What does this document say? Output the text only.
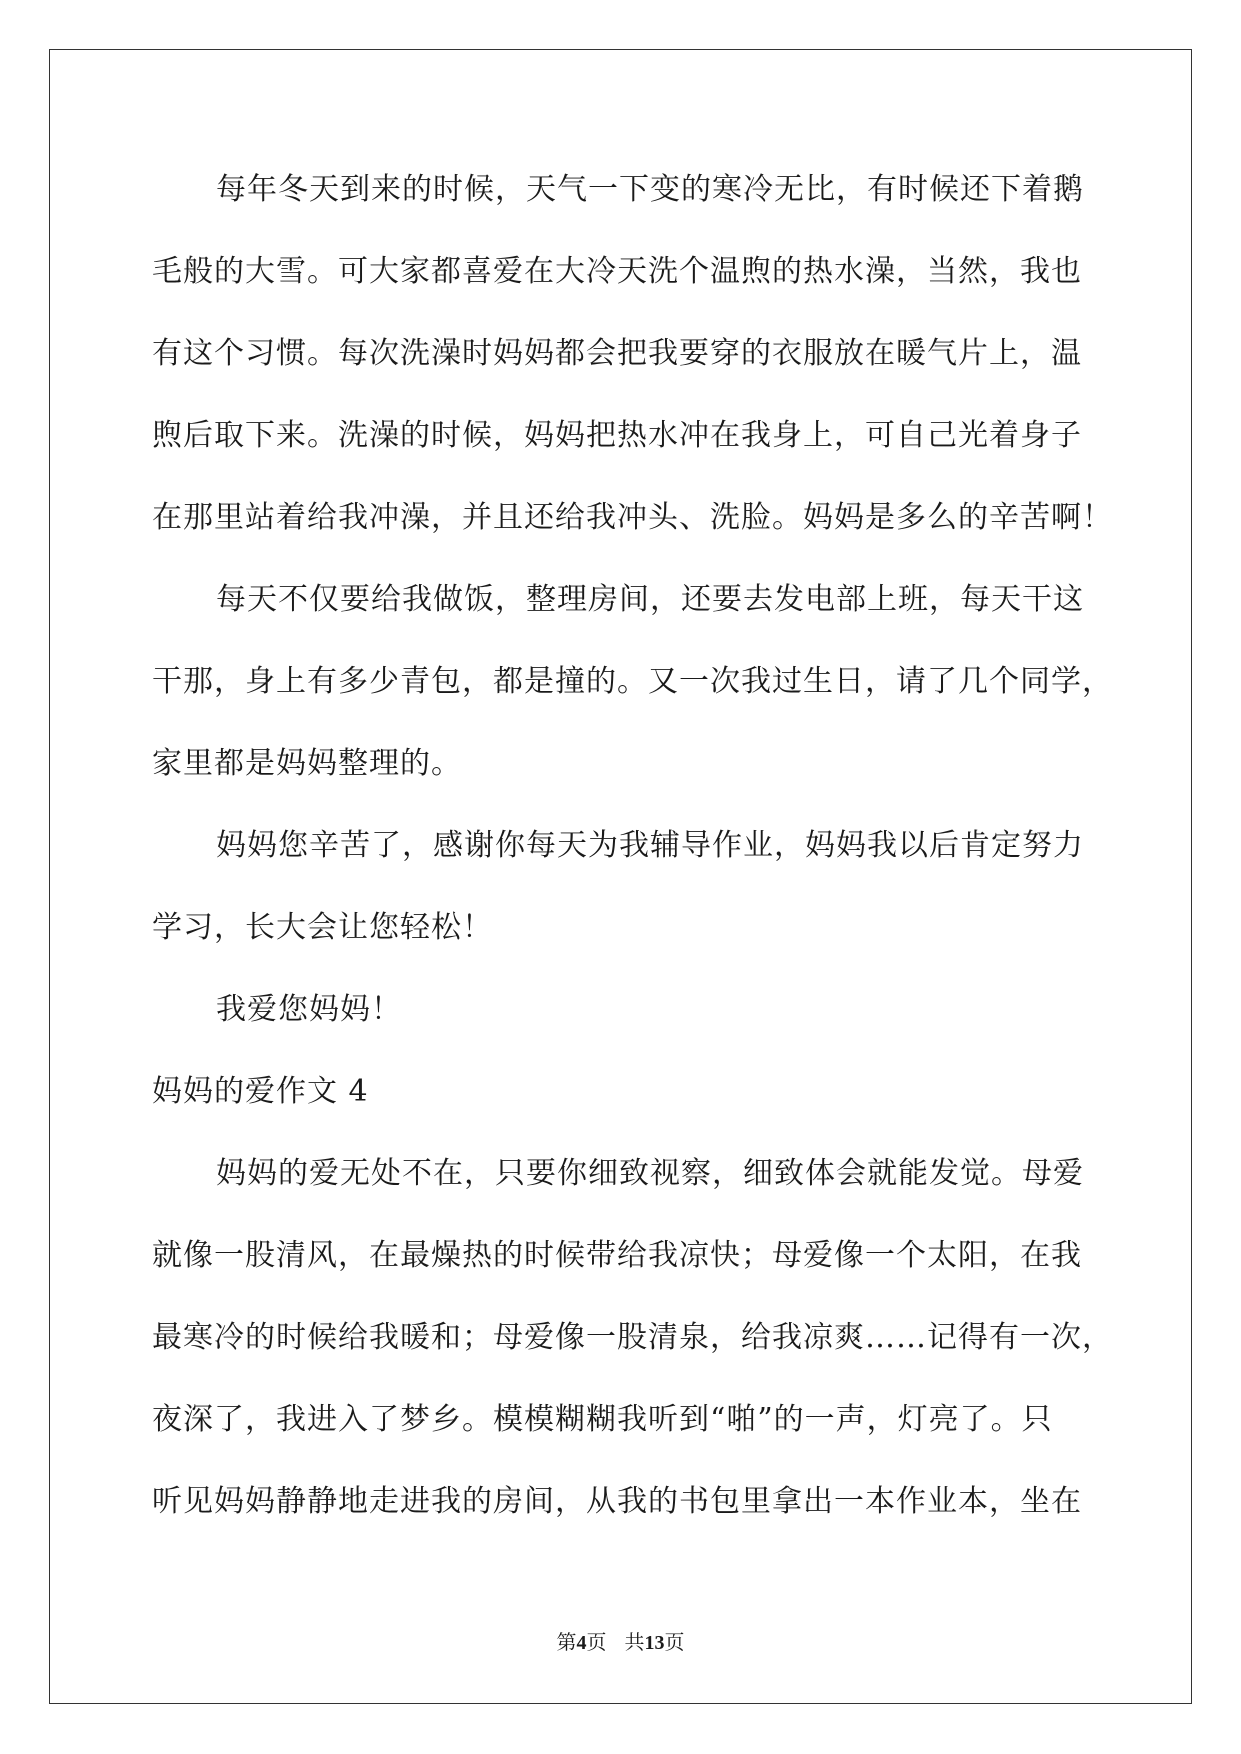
每年冬天到来的时候，天气一下变的寒冷无比，有时候还下着鹅
毛般的大雪。可大家都喜爱在大冷天洗个温煦的热水澡，当然，我也
有这个习惯。每次洗澡时妈妈都会把我要穿的衣服放在暖气片上，温
煦后取下来。洗澡的时候，妈妈把热水冲在我身上，可自己光着身子
在那里站着给我冲澡，并且还给我冲头、洗脸。妈妈是多么的辛苦啊！
每天不仅要给我做饭，整理房间，还要去发电部上班，每天干这
干那，身上有多少青包，都是撞的。又一次我过生日，请了几个同学，
家里都是妈妈整理的。
妈妈您辛苦了，感谢你每天为我辅导作业，妈妈我以后肯定努力
学习，长大会让您轻松！
我爱您妈妈！
妈妈的爱作文 4
妈妈的爱无处不在，只要你细致视察，细致体会就能发觉。母爱
就像一股清风，在最燥热的时候带给我凉快；母爱像一个太阳，在我
最寒冷的时候给我暖和；母爱像一股清泉，给我凉爽……记得有一次，
夜深了，我进入了梦乡。模模糊糊我听到“啪”的一声，灯亮了。只
听见妈妈静静地走进我的房间，从我的书包里拿出一本作业本，坐在
第4页 共13页
